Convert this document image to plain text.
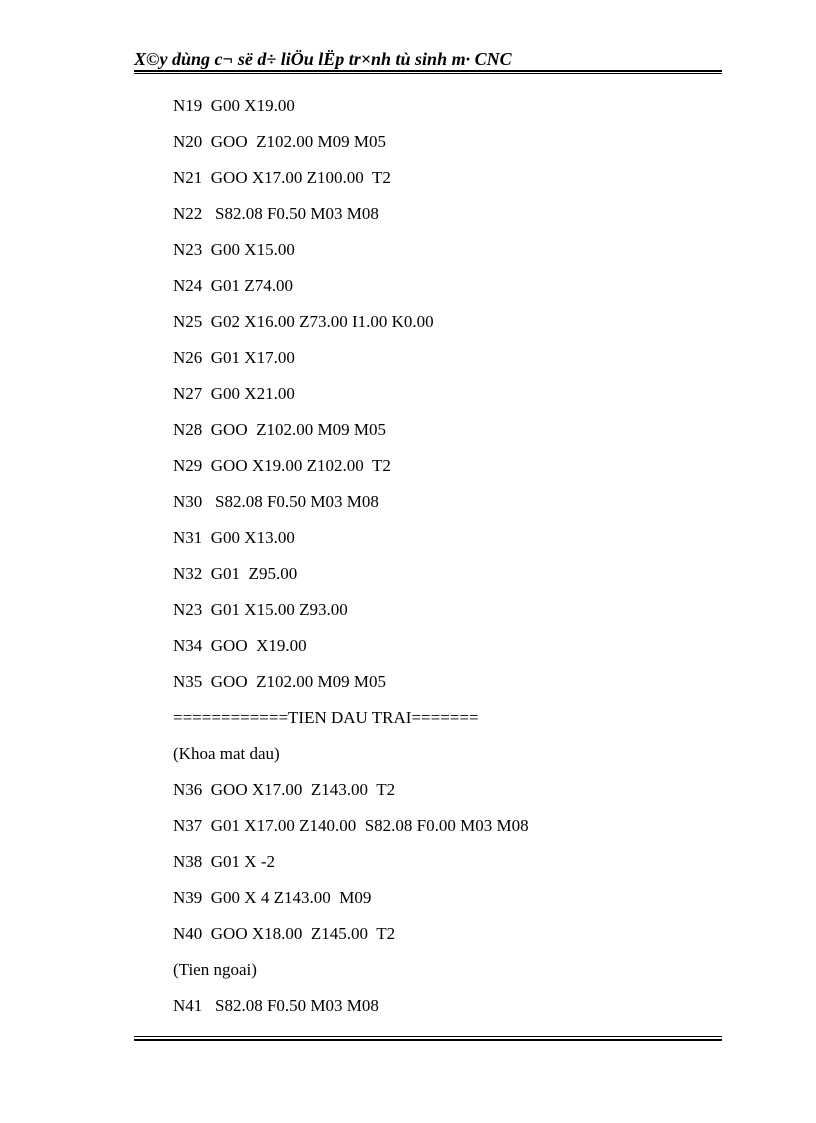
X©y dùng c¬ së d÷ liÖu lËp tr×nh tù sinh m· CNC
N19  G00 X19.00
N20  GOO  Z102.00 M09 M05
N21  GOO X17.00 Z100.00  T2
N22   S82.08 F0.50 M03 M08
N23  G00 X15.00
N24  G01 Z74.00
N25  G02 X16.00 Z73.00 I1.00 K0.00
N26  G01 X17.00
N27  G00 X21.00
N28  GOO  Z102.00 M09 M05
N29  GOO X19.00 Z102.00  T2
N30   S82.08 F0.50 M03 M08
N31  G00 X13.00
N32  G01  Z95.00
N23  G01 X15.00 Z93.00
N34  GOO  X19.00
N35  GOO  Z102.00 M09 M05
============TIEN DAU TRAI=======
(Khoa mat dau)
N36  GOO X17.00  Z143.00  T2
N37  G01 X17.00 Z140.00  S82.08 F0.00 M03 M08
N38  G01 X -2
N39  G00 X 4 Z143.00  M09
N40  GOO X18.00  Z145.00  T2
(Tien ngoai)
N41   S82.08 F0.50 M03 M08
